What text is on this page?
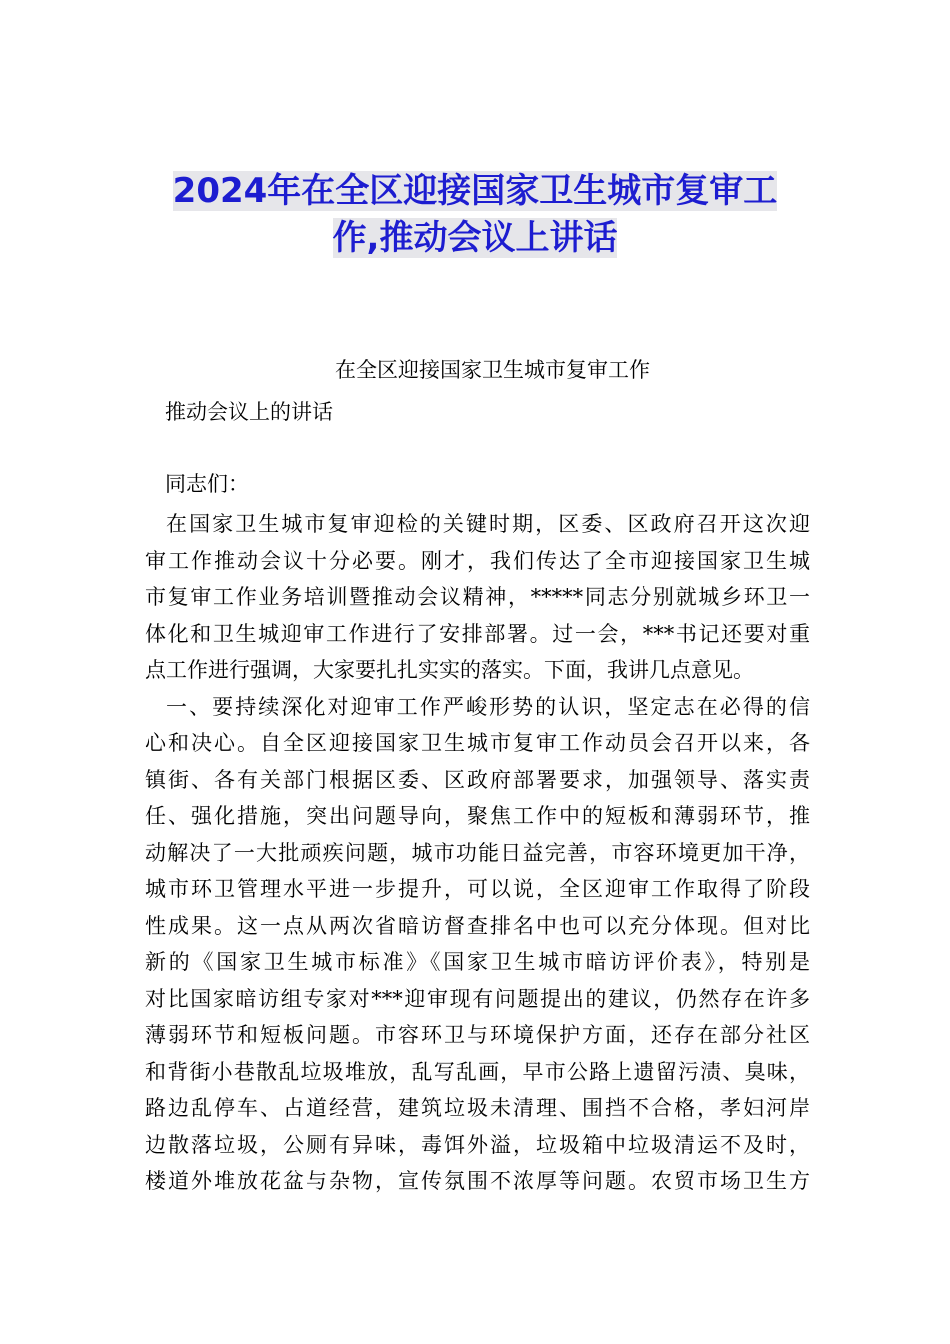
2024年在全区迎接国家卫生城市复审工
作,推动会议上讲话
在全区迎接国家卫生城市复审工作
推动会议上的讲话
同志们：
在国家卫生城市复审迎检的关键时期，区委、区政府召开这次迎
审工作推动会议十分必要。刚才，我们传达了全市迎接国家卫生城
市复审工作业务培训暨推动会议精神，*****同志分别就城乡环卫一
体化和卫生城迎审工作进行了安排部署。过一会，***书记还要对重
点工作进行强调，大家要扎扎实实的落实。下面，我讲几点意见。
一、要持续深化对迎审工作严峻形势的认识，坚定志在必得的信
心和决心。自全区迎接国家卫生城市复审工作动员会召开以来，各
镇街、各有关部门根据区委、区政府部署要求，加强领导、落实责
任、强化措施，突出问题导向，聚焦工作中的短板和薄弱环节，推
动解决了一大批顽疾问题，城市功能日益完善，市容环境更加干净，
城市环卫管理水平进一步提升，可以说，全区迎审工作取得了阶段
性成果。这一点从两次省暗访督查排名中也可以充分体现。但对比
新的《国家卫生城市标准》《国家卫生城市暗访评价表》，特别是
对比国家暗访组专家对***迎审现有问题提出的建议，仍然存在许多
薄弱环节和短板问题。市容环卫与环境保护方面，还存在部分社区
和背街小巷散乱垃圾堆放，乱写乱画，早市公路上遗留污渍、臭味，
路边乱停车、占道经营，建筑垃圾未清理、围挡不合格，孝妇河岸
边散落垃圾，公厕有异味，毒饵外溢，垃圾箱中垃圾清运不及时，
楼道外堆放花盆与杂物，宣传氛围不浓厚等问题。农贸市场卫生方
